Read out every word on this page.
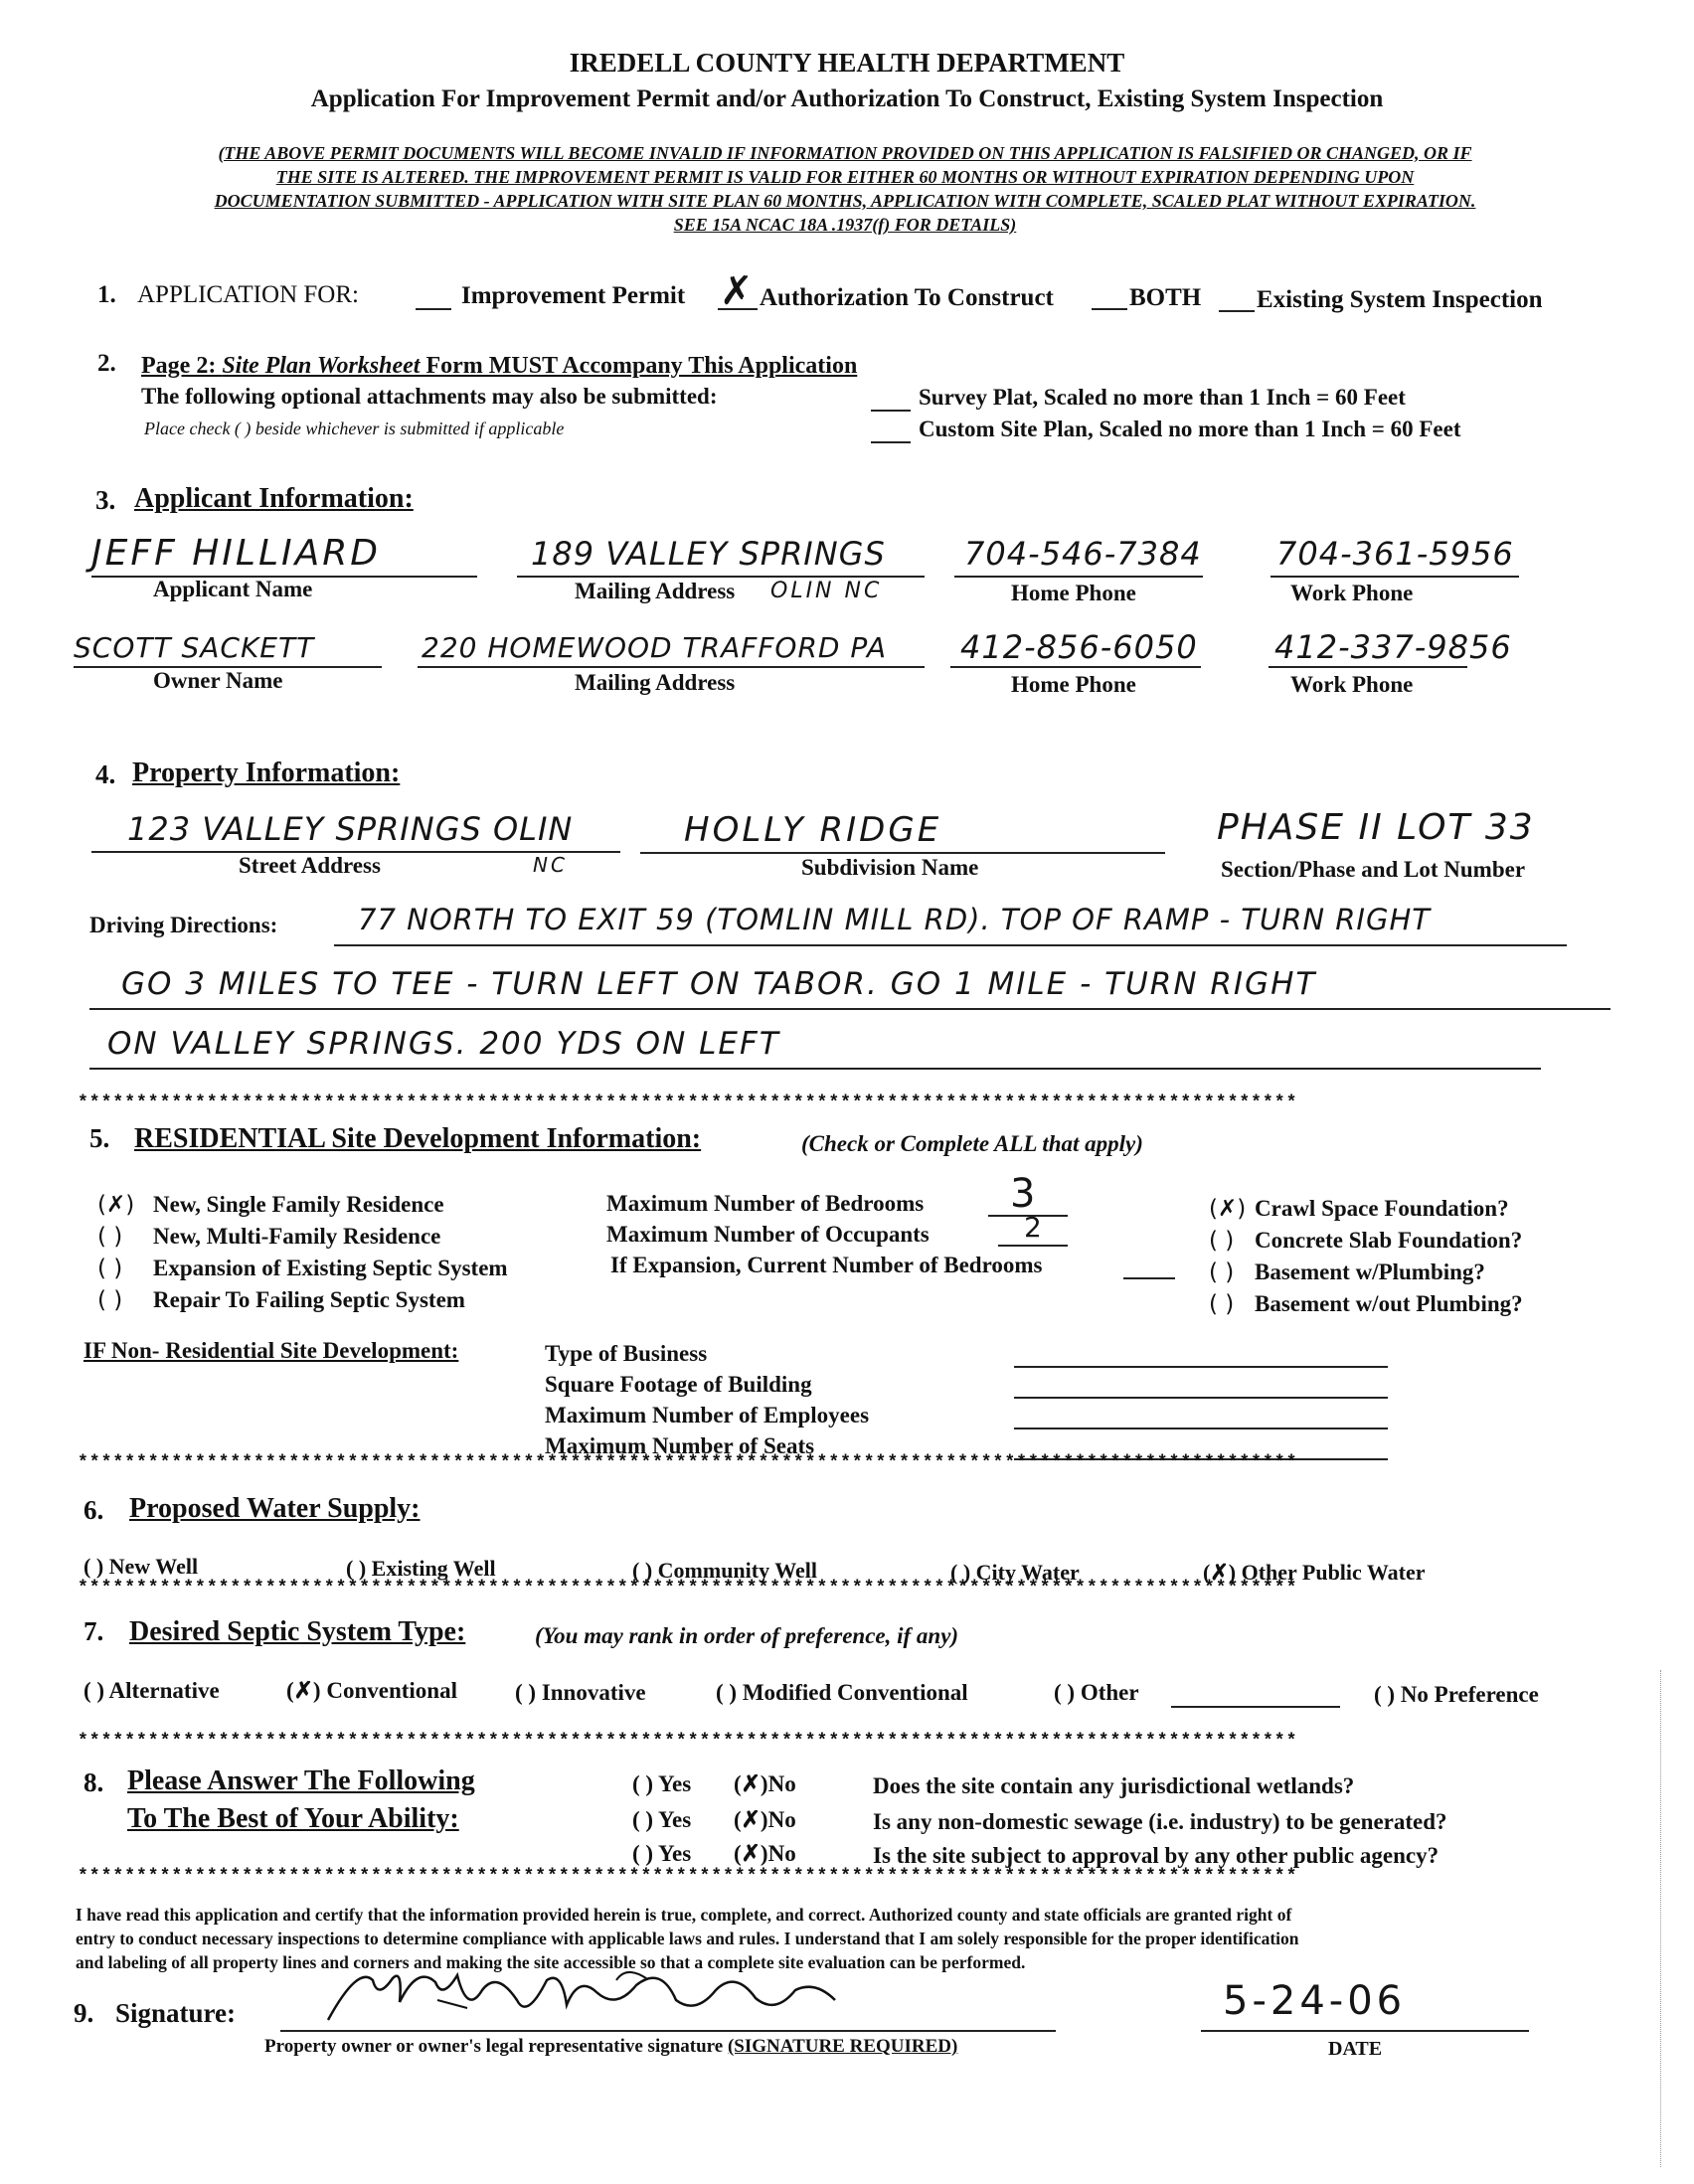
IREDELL COUNTY HEALTH DEPARTMENT
Application For Improvement Permit and/or Authorization To Construct, Existing System Inspection
(THE ABOVE PERMIT DOCUMENTS WILL BECOME INVALID IF INFORMATION PROVIDED ON THIS APPLICATION IS FALSIFIED OR CHANGED, OR IF
THE SITE IS ALTERED. THE IMPROVEMENT PERMIT IS VALID FOR EITHER 60 MONTHS OR WITHOUT EXPIRATION DEPENDING UPON
DOCUMENTATION SUBMITTED - APPLICATION WITH SITE PLAN 60 MONTHS, APPLICATION WITH COMPLETE, SCALED PLAT WITHOUT EXPIRATION.
SEE 15A NCAC 18A .1937(f) FOR DETAILS)
1. APPLICATION FOR:	Improvement Permit ✗ Authorization To Construct	BOTH Existing System Inspection
2. Page 2: Site Plan Worksheet Form MUST Accompany This Application
The following optional attachments may also be submitted:
Place check ( ) beside whichever is submitted if applicable
Survey Plat, Scaled no more than 1 Inch = 60 Feet
Custom Site Plan, Scaled no more than 1 Inch = 60 Feet
3. Applicant Information:
JEFF HILLIARD	189 VALLEY SPRINGS
OLIN NC
704-546-7384 704-361-5956
Applicant Name	Mailing Address	Home Phone	Work Phone
SCOTT SACKETT	220 HOMEWOOD TRAFFORD PA 412-856-6050 412-337-9856
Owner Name	Mailing Address	Home Phone	Work Phone
4. Property Information:
123 VALLEY SPRINGS OLIN
NC
HOLLY RIDGE	PHASE II LOT 33
Street Address	Subdivision Name	Section/Phase and Lot Number
Driving Directions:	77 NORTH TO EXIT 59 (TOMLIN MILL RD). TOP OF RAMP - TURN RIGHT
GO 3 MILES TO TEE - TURN LEFT ON TABOR. GO 1 MILE - TURN RIGHT
ON VALLEY SPRINGS. 200 YDS ON LEFT
********************************************************************************************************
5. RESIDENTIAL Site Development Information:	(Check or Complete ALL that apply)
(✗) New, Single Family Residence
( ) New, Multi-Family Residence
( ) Expansion of Existing Septic System
( ) Repair To Failing Septic System
Maximum Number of Bedrooms 3
Maximum Number of Occupants	2
If Expansion, Current Number of Bedrooms
(✗) Crawl Space Foundation?
( ) Concrete Slab Foundation?
( ) Basement w/Plumbing?
( ) Basement w/out Plumbing?
IF Non- Residential Site Development:	Type of Business
Square Footage of Building
Maximum Number of Employees
Maximum Number of Seats
********************************************************************************************************
6. Proposed Water Supply:
( ) New Well	( ) Existing Well	( ) Community Well	( ) City Water	(✗) Other Public Water
********************************************************************************************************
7. Desired Septic System Type:	(You may rank in order of preference, if any)
( ) Alternative	(✗) Conventional	( ) Innovative	( ) Modified Conventional	( ) Other	( ) No Preference
********************************************************************************************************
8. Please Answer The Following
To The Best of Your Ability:
( ) Yes (✗)No	Does the site contain any jurisdictional wetlands?
( ) Yes (✗)No	Is any non-domestic sewage (i.e. industry) to be generated?
( ) Yes (✗)No	Is the site subject to approval by any other public agency?
********************************************************************************************************
I have read this application and certify that the information provided herein is true, complete, and correct. Authorized county and state officials are granted right of
entry to conduct necessary inspections to determine compliance with applicable laws and rules. I understand that I am solely responsible for the proper identification
and labeling of all property lines and corners and making the site accessible so that a complete site evaluation can be performed.
9. Signature:
Property owner or owner's legal representative signature (SIGNATURE REQUIRED)
5-24-06
DATE
